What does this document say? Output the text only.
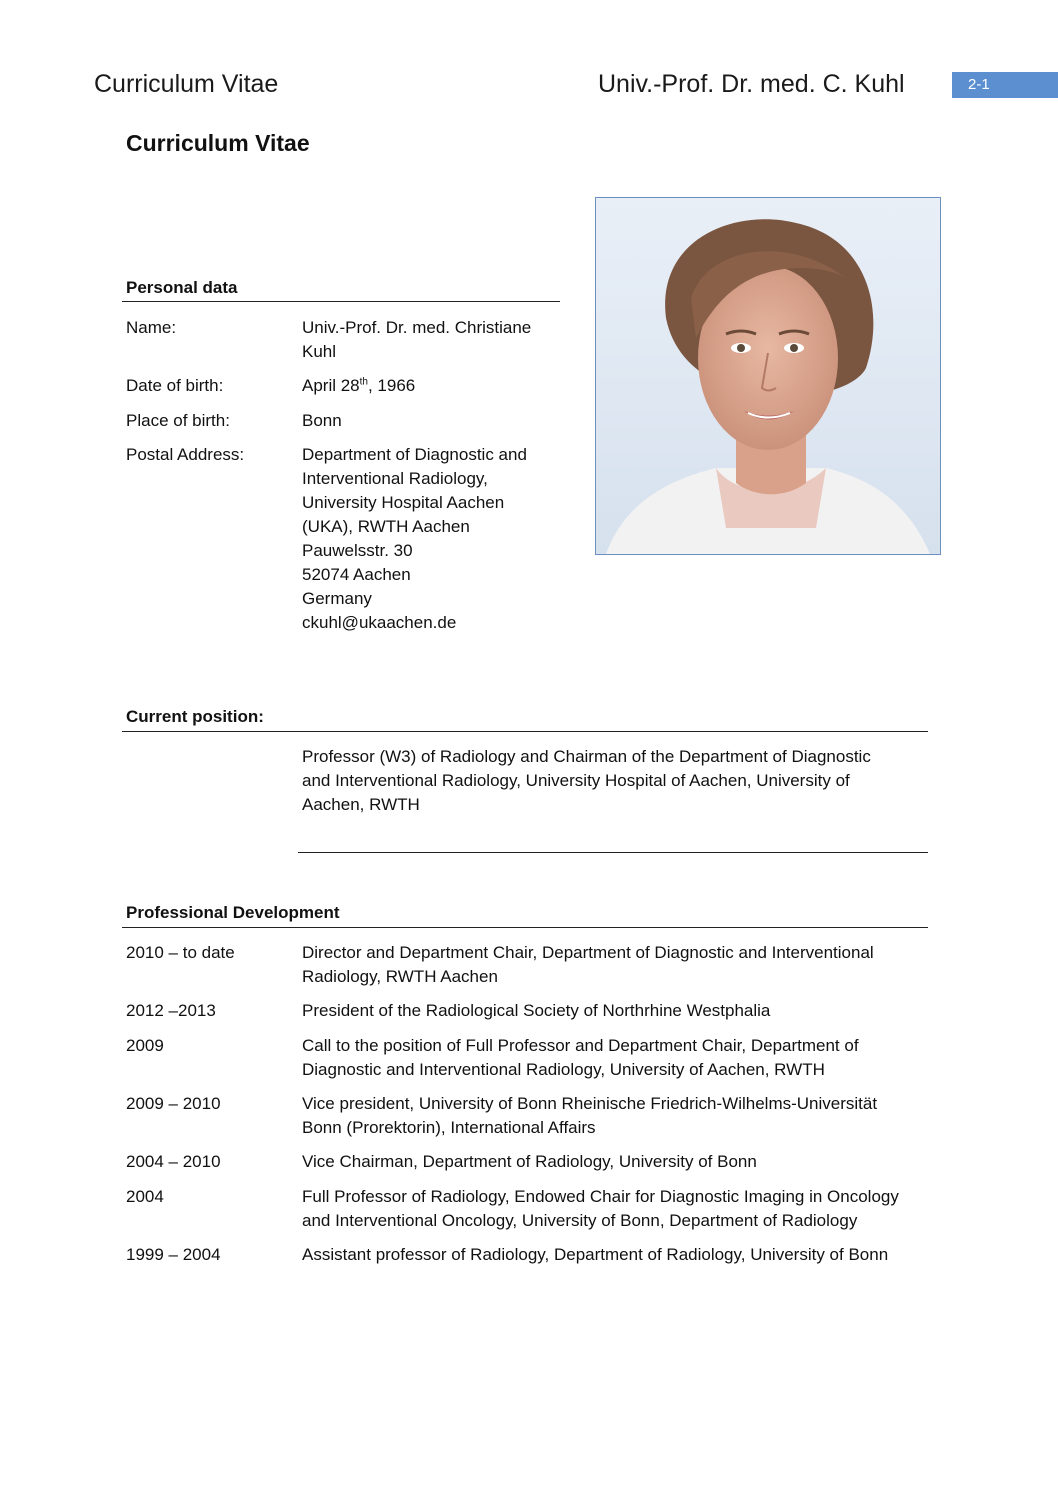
Curriculum Vitae	Univ.-Prof. Dr. med. C. Kuhl	2-1
Curriculum Vitae
Personal data
Name:	Univ.-Prof. Dr. med. Christiane
Kuhl
Date of birth:	April 28th, 1966
Place of birth:	Bonn
Postal Address:	Department of Diagnostic and
Interventional Radiology,
University Hospital Aachen
(UKA), RWTH Aachen
Pauwelsstr. 30
52074 Aachen
Germany
ckuhl@ukaachen.de
Current position:
Professor (W3) of Radiology and Chairman of the Department of Diagnostic
and Interventional Radiology, University Hospital of Aachen, University of
Aachen, RWTH
Professional Development
2010 – to date	Director and Department Chair, Department of Diagnostic and Interventional
Radiology, RWTH Aachen
2012 –2013	President of the Radiological Society of Northrhine Westphalia
2009	Call to the position of Full Professor and Department Chair, Department of
Diagnostic and Interventional Radiology, University of Aachen, RWTH
2009 – 2010	Vice president, University of Bonn Rheinische Friedrich-Wilhelms-Universität
Bonn (Prorektorin), International Affairs
2004 – 2010	Vice Chairman, Department of Radiology, University of Bonn
2004	Full Professor of Radiology, Endowed Chair for Diagnostic Imaging in Oncology
and Interventional Oncology, University of Bonn, Department of Radiology
1999 – 2004	Assistant professor of Radiology, Department of Radiology, University of Bonn
